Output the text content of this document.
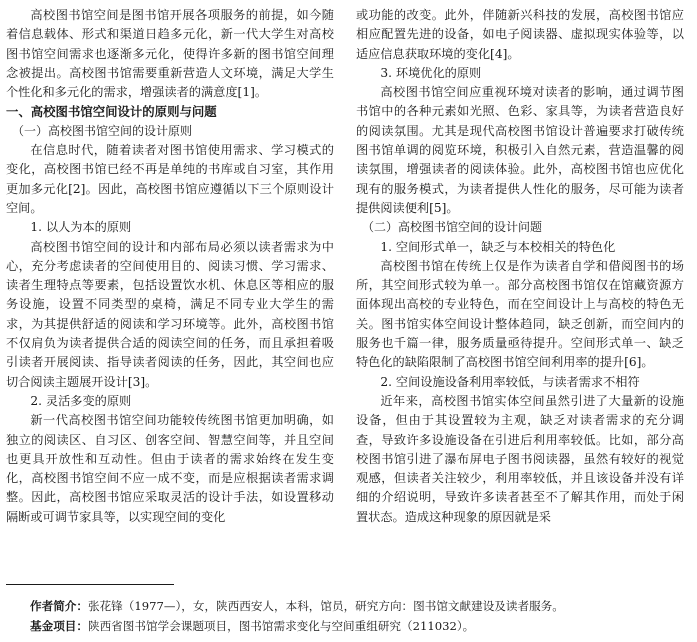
高校图书馆空间是图书馆开展各项服务的前提，如今随着信息载体、形式和渠道日趋多元化，新一代大学生对高校图书馆空间需求也逐渐多元化，使得许多新的图书馆空间理念被提出。高校图书馆需要重新营造人文环境，满足大学生个性化和多元化的需求，增强读者的满意度[1]。

一、高校图书馆空间设计的原则与问题

（一）高校图书馆空间的设计原则

在信息时代，随着读者对图书馆使用需求、学习模式的变化，高校图书馆已经不再是单纯的书库或自习室，其作用更加多元化[2]。因此，高校图书馆应遵循以下三个原则设计空间。

1. 以人为本的原则

高校图书馆空间的设计和内部布局必须以读者需求为中心，充分考虑读者的空间使用目的、阅读习惯、学习需求、读者生理特点等要素，包括设置饮水机、休息区等相应的服务设施，设置不同类型的桌椅，满足不同专业大学生的需求，为其提供舒适的阅读和学习环境等。此外，高校图书馆不仅肩负为读者提供合适的阅读空间的任务，而且承担着吸引读者开展阅读、指导读者阅读的任务，因此，其空间也应切合阅读主题展开设计[3]。

2. 灵活多变的原则

新一代高校图书馆空间功能较传统图书馆更加明确，如独立的阅读区、自习区、创客空间、智慧空间等，并且空间也更具开放性和互动性。但由于读者的需求始终在发生变化，高校图书馆空间不应一成不变，而是应根据读者需求调整。因此，高校图书馆应采取灵活的设计手法，如设置移动隔断或可调节家具等，以实现空间的变化

或功能的改变。此外，伴随新兴科技的发展，高校图书馆应相应配置先进的设备，如电子阅读器、虚拟现实体验等，以适应信息获取环境的变化[4]。

3. 环境优化的原则

高校图书馆空间应重视环境对读者的影响，通过调节图书馆中的各种元素如光照、色彩、家具等，为读者营造良好的阅读氛围。尤其是现代高校图书馆设计普遍要求打破传统图书馆单调的阅览环境，积极引入自然元素，营造温馨的阅读氛围，增强读者的阅读体验。此外，高校图书馆也应优化现有的服务模式，为读者提供人性化的服务，尽可能为读者提供阅读便利[5]。

（二）高校图书馆空间的设计问题

1. 空间形式单一，缺乏与本校相关的特色化

高校图书馆在传统上仅是作为读者自学和借阅图书的场所，其空间形式较为单一。部分高校图书馆仅在馆藏资源方面体现出高校的专业特色，而在空间设计上与高校的特色无关。图书馆实体空间设计整体趋同，缺乏创新，而空间内的服务也千篇一律，服务质量亟待提升。空间形式单一、缺乏特色化的缺陷限制了高校图书馆空间利用率的提升[6]。

2. 空间设施设备利用率较低，与读者需求不相符

近年来，高校图书馆实体空间虽然引进了大量新的设施设备，但由于其设置较为主观，缺乏对读者需求的充分调查，导致许多设施设备在引进后利用率较低。比如，部分高校图书馆引进了瀑布屏电子图书阅读器，虽然有较好的视觉观感，但读者关注较少，利用率较低，并且该设备并没有详细的介绍说明，导致许多读者甚至不了解其作用，而处于闲置状态。造成这种现象的原因就是采

作者简介：张花锋（1977—），女，陕西西安人，本科，馆员，研究方向：图书馆文献建设及读者服务。
基金项目：陕西省图书馆学会课题项目，图书馆需求变化与空间重组研究（211032）。
